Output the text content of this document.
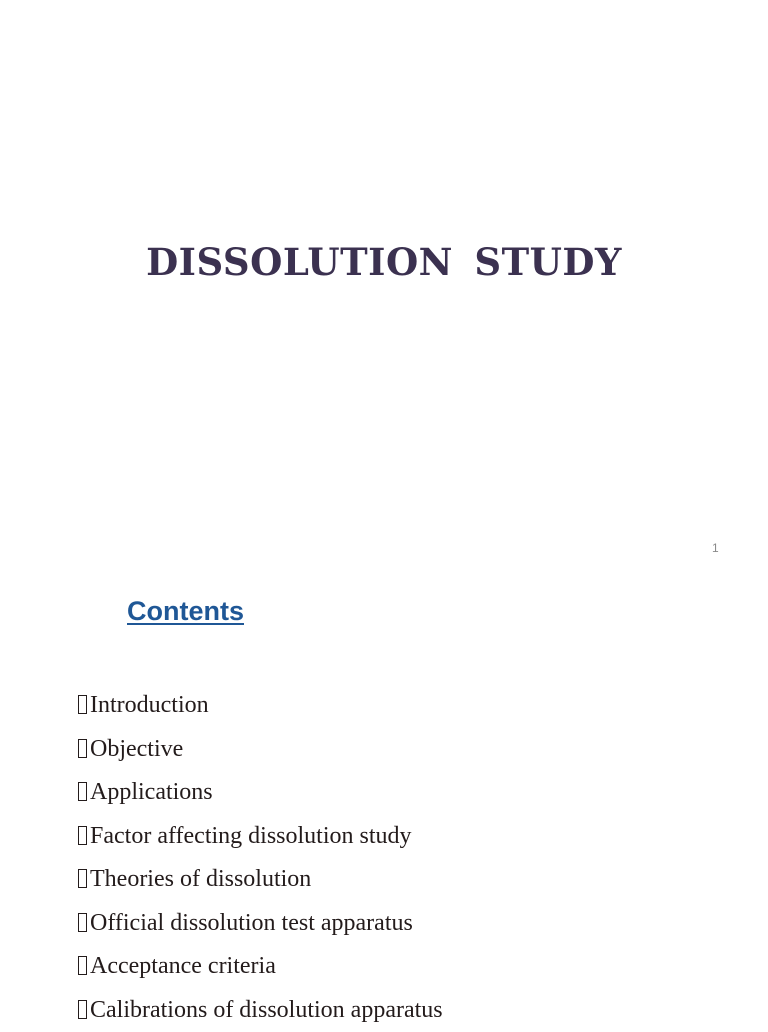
DISSOLUTION STUDY
1
Contents
Introduction
Objective
Applications
Factor affecting dissolution study
Theories of dissolution
Official dissolution test apparatus
Acceptance criteria
Calibrations of dissolution apparatus
